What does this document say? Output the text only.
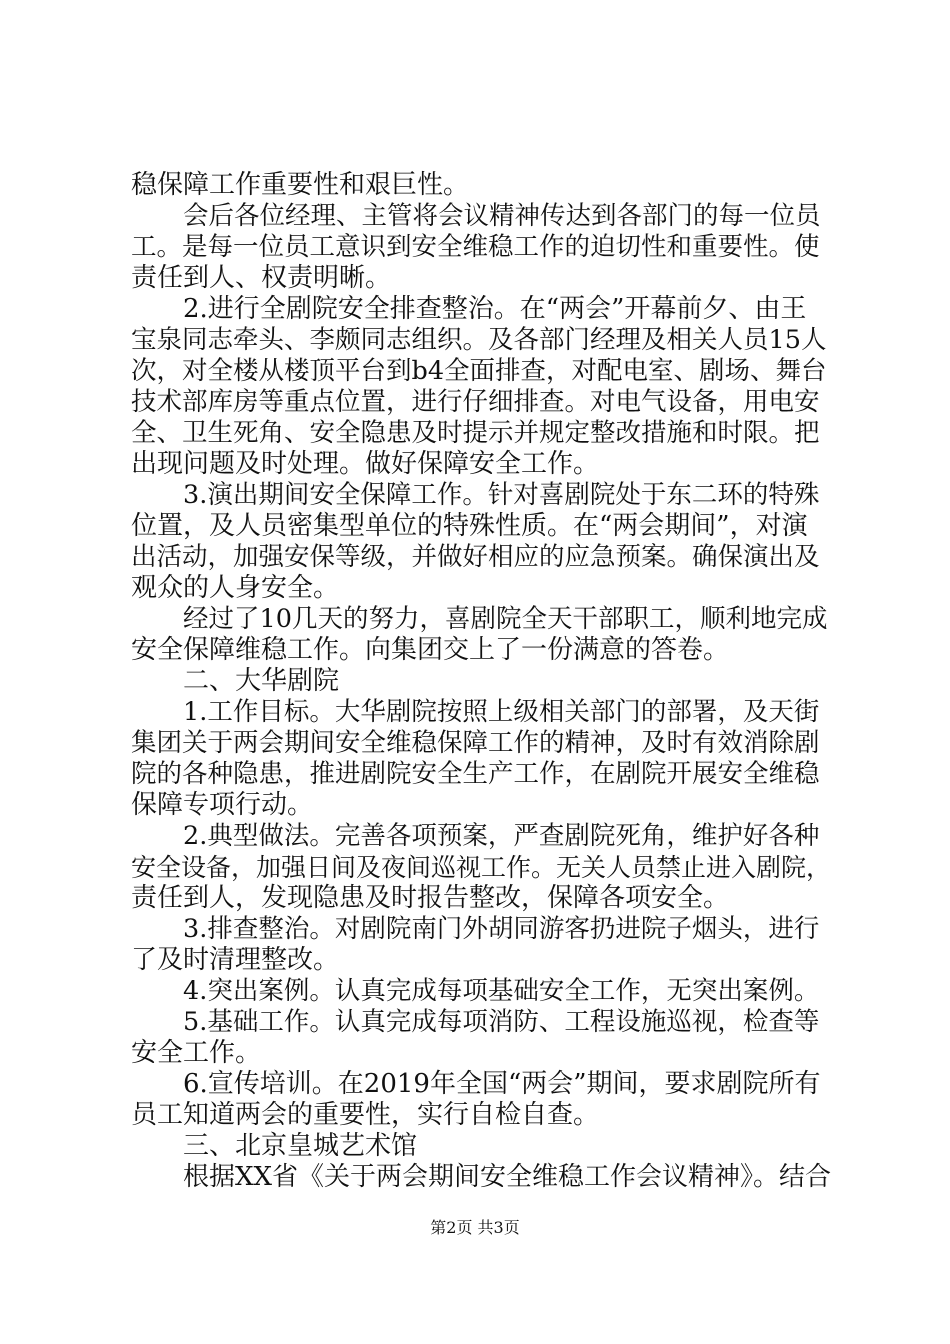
稳保障工作重要性和艰巨性。
会后各位经理、主管将会议精神传达到各部门的每一位员
工。是每一位员工意识到安全维稳工作的迫切性和重要性。使
责任到人、权责明晰。
2.进行全剧院安全排查整治。在“两会”开幕前夕、由王
宝泉同志牵头、李颇同志组织。及各部门经理及相关人员15人
次，对全楼从楼顶平台到b4全面排查，对配电室、剧场、舞台
技术部库房等重点位置，进行仔细排查。对电气设备，用电安
全、卫生死角、安全隐患及时提示并规定整改措施和时限。把
出现问题及时处理。做好保障安全工作。
3.演出期间安全保障工作。针对喜剧院处于东二环的特殊
位置，及人员密集型单位的特殊性质。在“两会期间”，对演
出活动，加强安保等级，并做好相应的应急预案。确保演出及
观众的人身安全。
经过了10几天的努力，喜剧院全天干部职工，顺利地完成
安全保障维稳工作。向集团交上了一份满意的答卷。
二、大华剧院
1.工作目标。大华剧院按照上级相关部门的部署，及天街
集团关于两会期间安全维稳保障工作的精神，及时有效消除剧
院的各种隐患，推进剧院安全生产工作，在剧院开展安全维稳
保障专项行动。
2.典型做法。完善各项预案，严查剧院死角，维护好各种
安全设备，加强日间及夜间巡视工作。无关人员禁止进入剧院，
责任到人，发现隐患及时报告整改，保障各项安全。
3.排查整治。对剧院南门外胡同游客扔进院子烟头，进行
了及时清理整改。
4.突出案例。认真完成每项基础安全工作，无突出案例。
5.基础工作。认真完成每项消防、工程设施巡视，检查等
安全工作。
6.宣传培训。在2019年全国“两会”期间，要求剧院所有
员工知道两会的重要性，实行自检自查。
三、北京皇城艺术馆
根据XX省《关于两会期间安全维稳工作会议精神》。结合
第2页 共3页
